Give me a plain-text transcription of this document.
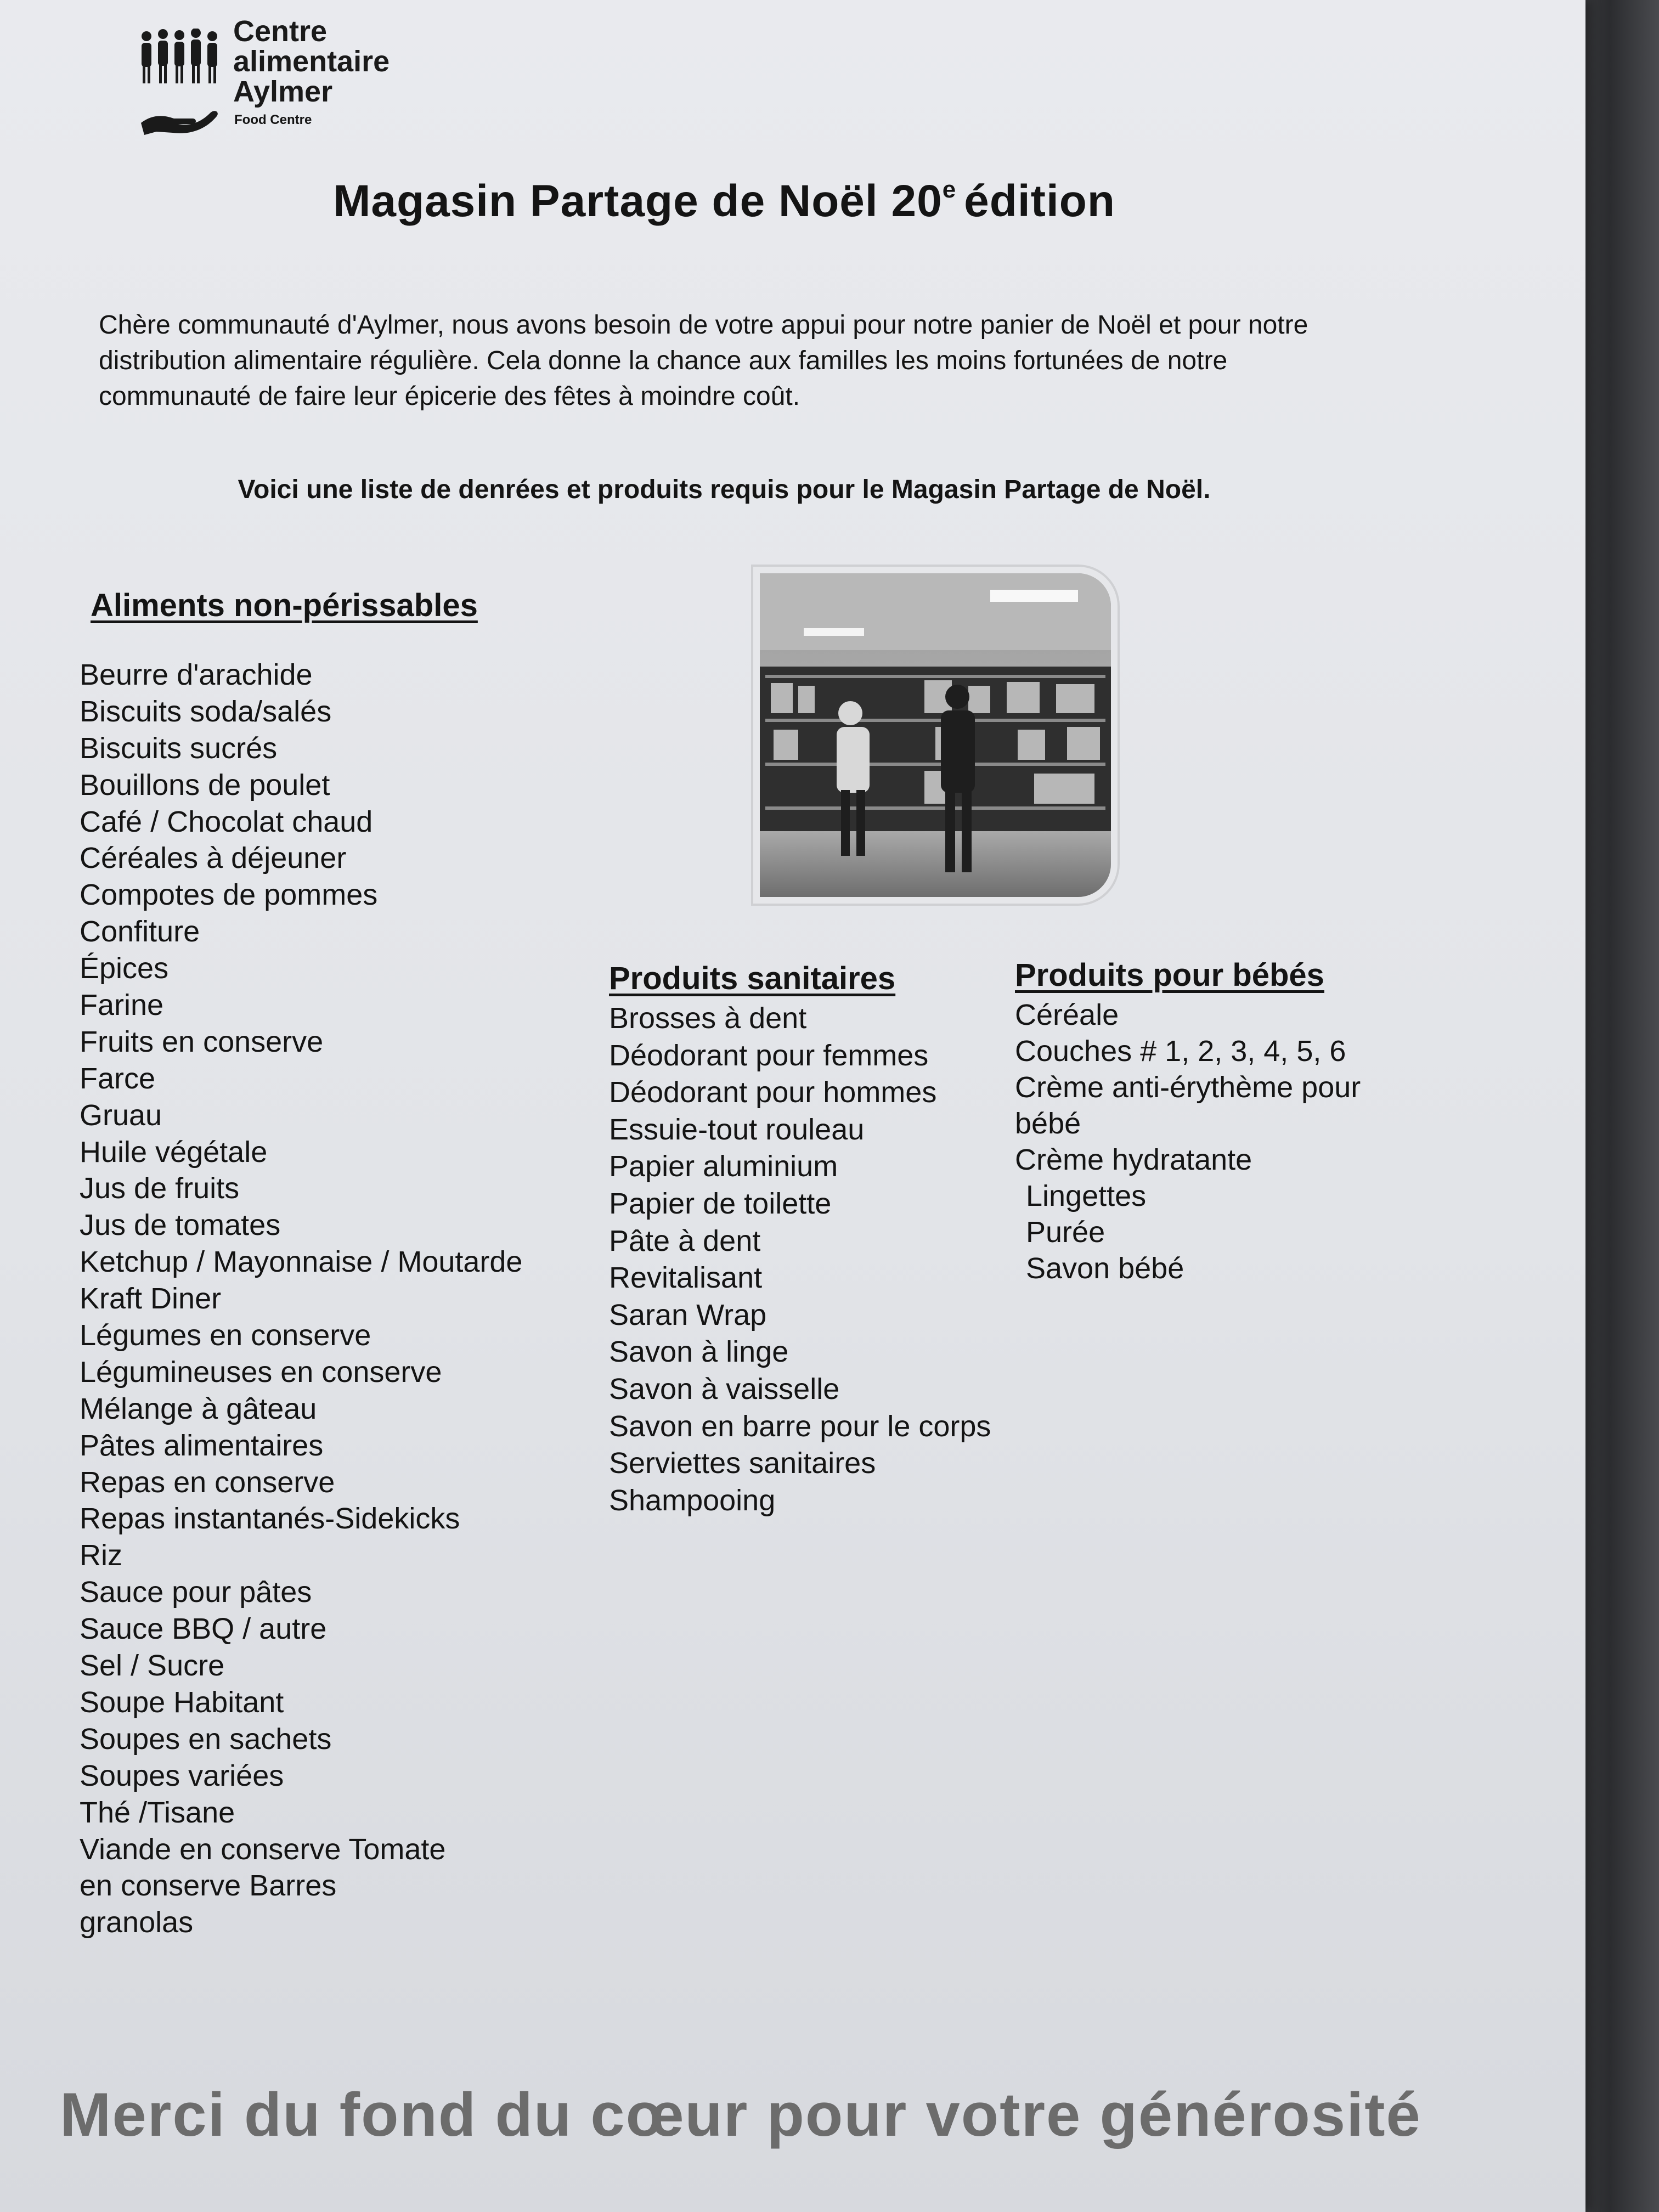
Centre
alimentaire
Aylmer
Food Centre
Magasin Partage de Noël 20e édition
Chère communauté d'Aylmer, nous avons besoin de votre appui pour notre panier de Noël et pour notre distribution alimentaire régulière. Cela donne la chance aux familles les moins fortunées de notre communauté de faire leur épicerie des fêtes à moindre coût.
Voici une liste de denrées et produits requis pour le Magasin Partage de Noël.
Aliments non-périssables
Beurre d'arachide
Biscuits soda/salés
Biscuits sucrés
Bouillons de poulet
Café / Chocolat chaud
Céréales à déjeuner
Compotes de pommes
Confiture
Épices
Farine
Fruits en conserve
Farce
Gruau
Huile végétale
Jus de fruits
Jus de tomates
Ketchup / Mayonnaise / Moutarde
Kraft Diner
Légumes en conserve
Légumineuses en conserve
Mélange à gâteau
Pâtes alimentaires
Repas en conserve
Repas instantanés-Sidekicks
Riz
Sauce pour pâtes
Sauce BBQ / autre
Sel / Sucre
Soupe Habitant
Soupes en sachets
Soupes variées
Thé /Tisane
Viande en conserve Tomate
en conserve Barres
granolas
Produits sanitaires
Brosses à dent
Déodorant pour femmes
Déodorant pour hommes
Essuie-tout rouleau
Papier aluminium
Papier de toilette
Pâte à dent
Revitalisant
Saran Wrap
Savon à linge
Savon à vaisselle
Savon en barre pour le corps
Serviettes sanitaires
Shampooing
Produits pour bébés
Céréale
Couches # 1, 2, 3, 4, 5, 6
Crème anti-érythème pour bébé
Crème hydratante
Lingettes
Purée
Savon bébé
Merci du fond du cœur pour votre générosité
